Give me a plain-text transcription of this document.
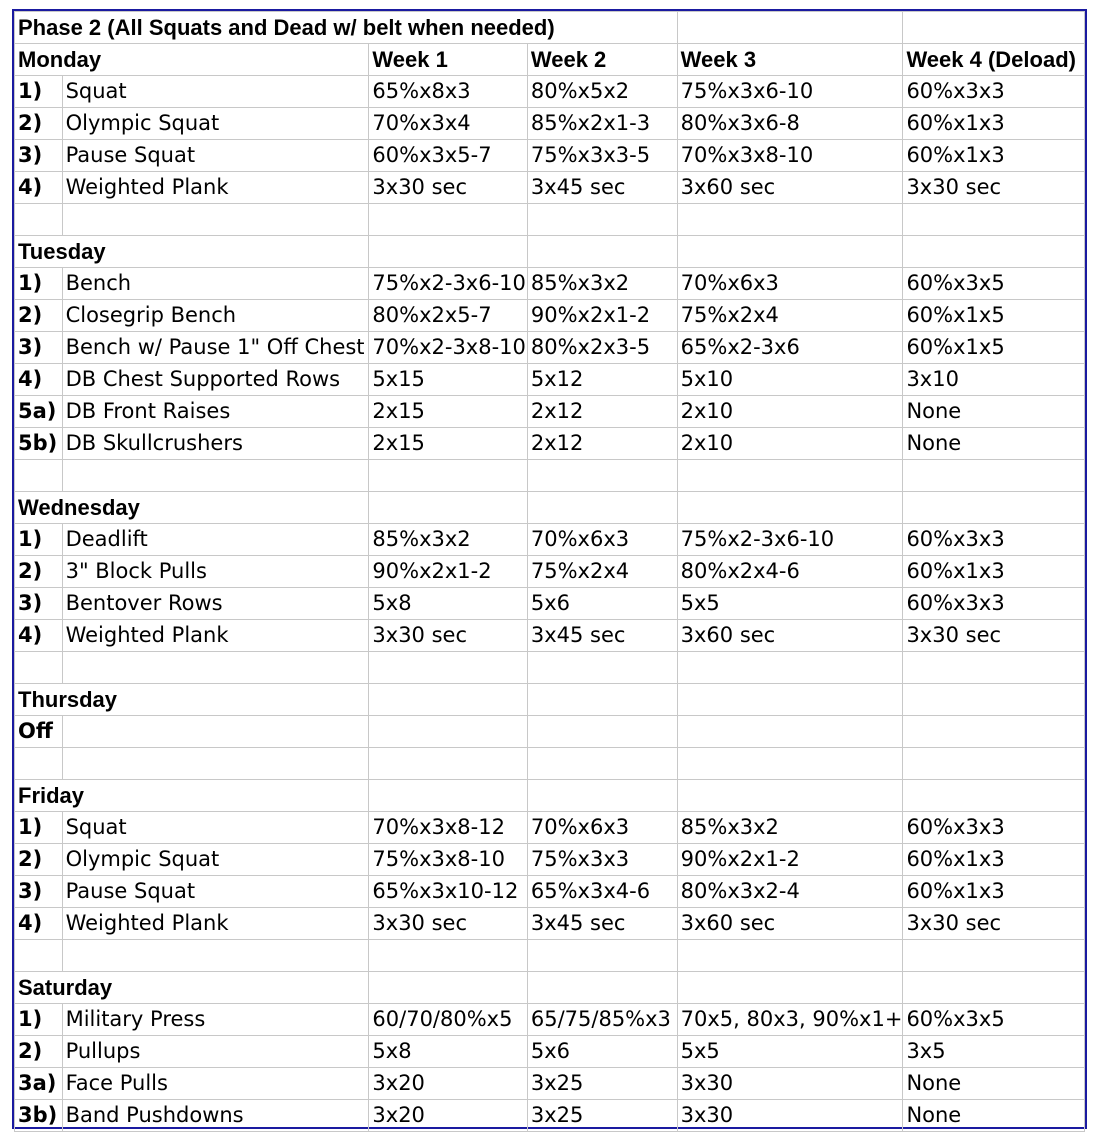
Phase 2 (All Squats and Dead w/ belt when needed)					
Monday		Week 1	Week 2	Week 3	Week 4 (Deload)
1)	Squat	65%x8x3	80%x5x2	75%x3x6-10	60%x3x3
2)	Olympic Squat	70%x3x4	85%x2x1-3	80%x3x6-8	60%x1x3
3)	Pause Squat	60%x3x5-7	75%x3x3-5	70%x3x8-10	60%x1x3
4)	Weighted Plank	3x30 sec	3x45 sec	3x60 sec	3x30 sec

Tuesday					
1)	Bench	75%x2-3x6-10	85%x3x2	70%x6x3	60%x3x5
2)	Closegrip Bench	80%x2x5-7	90%x2x1-2	75%x2x4	60%x1x5
3)	Bench w/ Pause 1" Off Chest	70%x2-3x8-10	80%x2x3-5	65%x2-3x6	60%x1x5
4)	DB Chest Supported Rows	5x15	5x12	5x10	3x10
5a)	DB Front Raises	2x15	2x12	2x10	None
5b)	DB Skullcrushers	2x15	2x12	2x10	None

Wednesday					
1)	Deadlift	85%x3x2	70%x6x3	75%x2-3x6-10	60%x3x3
2)	3" Block Pulls	90%x2x1-2	75%x2x4	80%x2x4-6	60%x1x3
3)	Bentover Rows	5x8	5x6	5x5	60%x3x3
4)	Weighted Plank	3x30 sec	3x45 sec	3x60 sec	3x30 sec

Thursday					
Off					

Friday					
1)	Squat	70%x3x8-12	70%x6x3	85%x3x2	60%x3x3
2)	Olympic Squat	75%x3x8-10	75%x3x3	90%x2x1-2	60%x1x3
3)	Pause Squat	65%x3x10-12	65%x3x4-6	80%x3x2-4	60%x1x3
4)	Weighted Plank	3x30 sec	3x45 sec	3x60 sec	3x30 sec

Saturday					
1)	Military Press	60/70/80%x5	65/75/85%x3	70x5, 80x3, 90%x1+	60%x3x5
2)	Pullups	5x8	5x6	5x5	3x5
3a)	Face Pulls	3x20	3x25	3x30	None
3b)	Band Pushdowns	3x20	3x25	3x30	None
